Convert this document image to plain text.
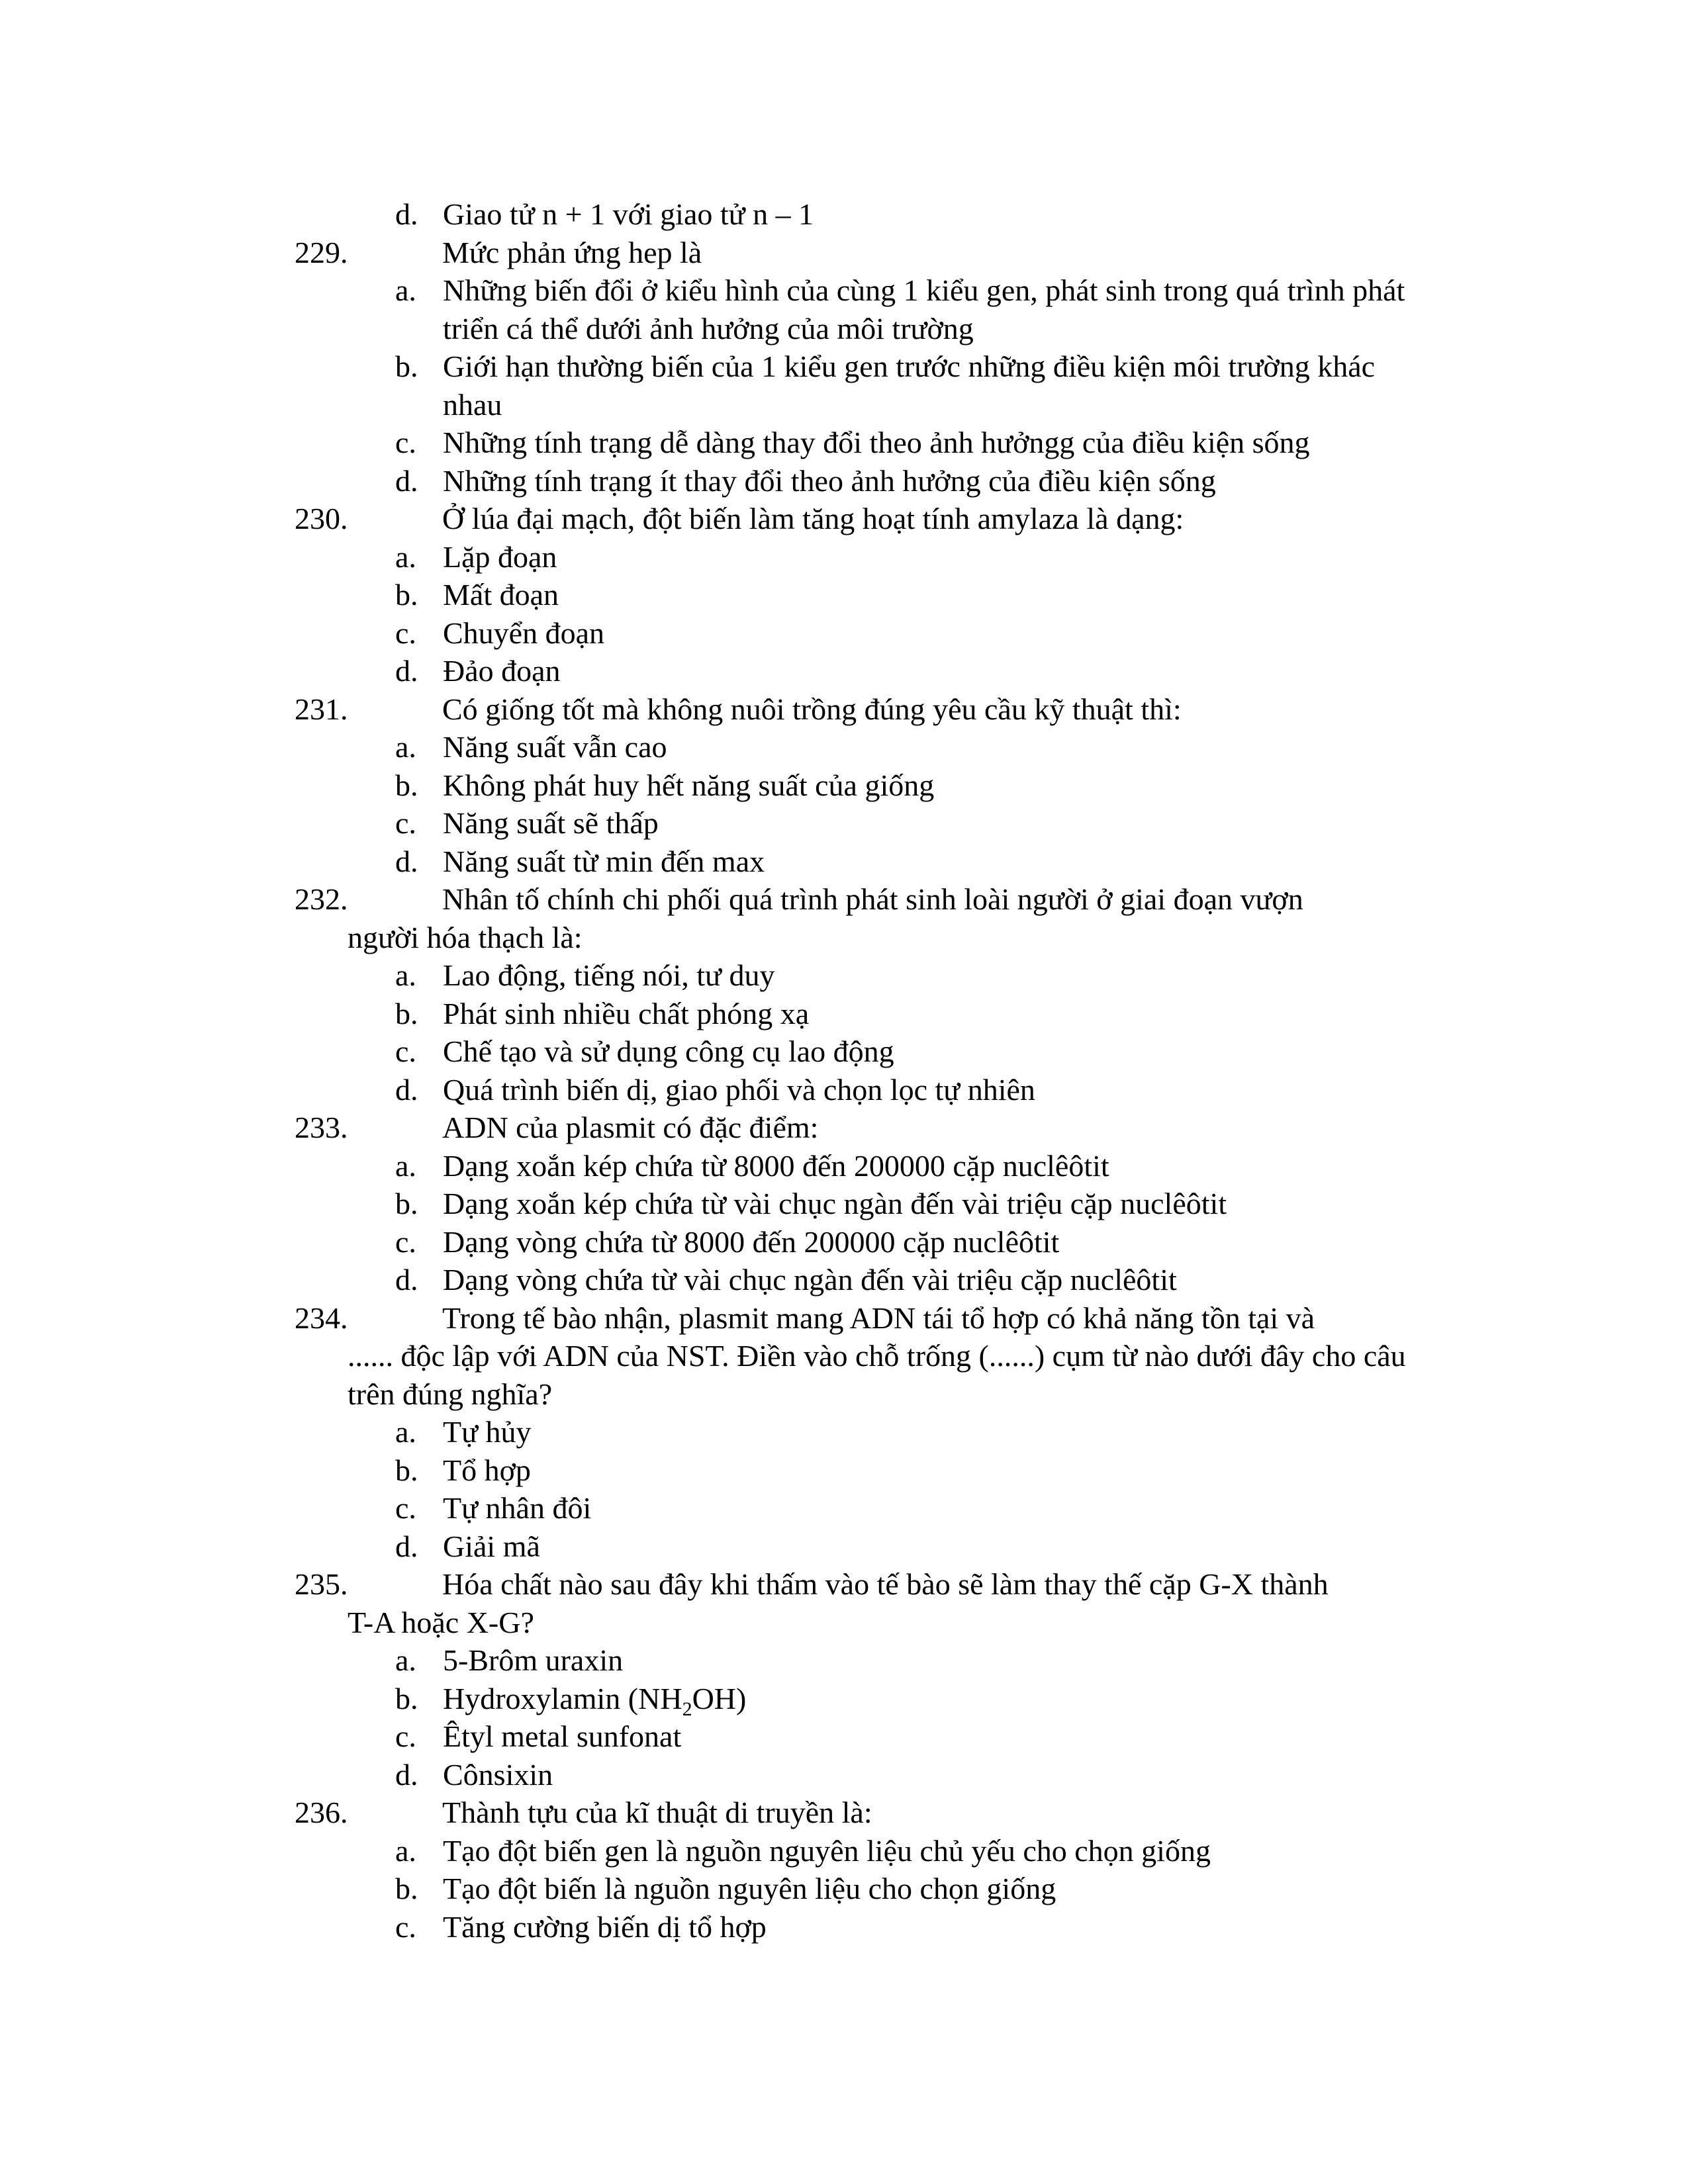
d. Giao tử n + 1 với giao tử n – 1
229.	Mức phản ứng hep là
a. Những biến đổi ở kiểu hình của cùng 1 kiểu gen, phát sinh trong quá trình phát triển cá thể dưới ảnh hưởng của môi trường
b. Giới hạn thường biến của 1 kiểu gen trước những điều kiện môi trường khác nhau
c. Những tính trạng dễ dàng thay đổi theo ảnh hưởngg của điều kiện sống
d. Những tính trạng ít thay đổi theo ảnh hưởng của điều kiện sống
230.	Ở lúa đại mạch, đột biến làm tăng hoạt tính amylaza là dạng:
a. Lặp đoạn
b. Mất đoạn
c. Chuyển đoạn
d. Đảo đoạn
231.	Có giống tốt mà không nuôi trồng đúng yêu cầu kỹ thuật thì:
a. Năng suất vẫn cao
b. Không phát huy hết năng suất của giống
c. Năng suất sẽ thấp
d. Năng suất từ min đến max
232.	Nhân tố chính chi phối quá trình phát sinh loài người ở giai đoạn vượn
người hóa thạch là:
a. Lao động, tiếng nói, tư duy
b. Phát sinh nhiều chất phóng xạ
c. Chế tạo và sử dụng công cụ lao động
d. Quá trình biến dị, giao phối và chọn lọc tự nhiên
233.	ADN của plasmit có đặc điểm:
a. Dạng xoắn kép chứa từ 8000 đến 200000 cặp nuclêôtit
b. Dạng xoắn kép chứa từ vài chục ngàn đến vài triệu cặp nuclêôtit
c. Dạng vòng chứa từ 8000 đến 200000 cặp nuclêôtit
d. Dạng vòng chứa từ vài chục ngàn đến vài triệu cặp nuclêôtit
234.	Trong tế bào nhận, plasmit mang ADN tái tổ hợp có khả năng tồn tại và
...... độc lập với ADN của NST. Điền vào chỗ trống (......) cụm từ nào dưới đây cho câu trên đúng nghĩa?
a. Tự hủy
b. Tổ hợp
c. Tự nhân đôi
d. Giải mã
235.	Hóa chất nào sau đây khi thấm vào tế bào sẽ làm thay thế cặp G-X thành
T-A hoặc X-G?
a. 5-Brôm uraxin
b. Hydroxylamin $(NH_2OH)$
c. Êtyl metal sunfonat
d. Cônsixin
236.	Thành tựu của kĩ thuật di truyền là:
a. Tạo đột biến gen là nguồn nguyên liệu chủ yếu cho chọn giống
b. Tạo đột biến là nguồn nguyên liệu cho chọn giống
c. Tăng cường biến dị tổ hợp
